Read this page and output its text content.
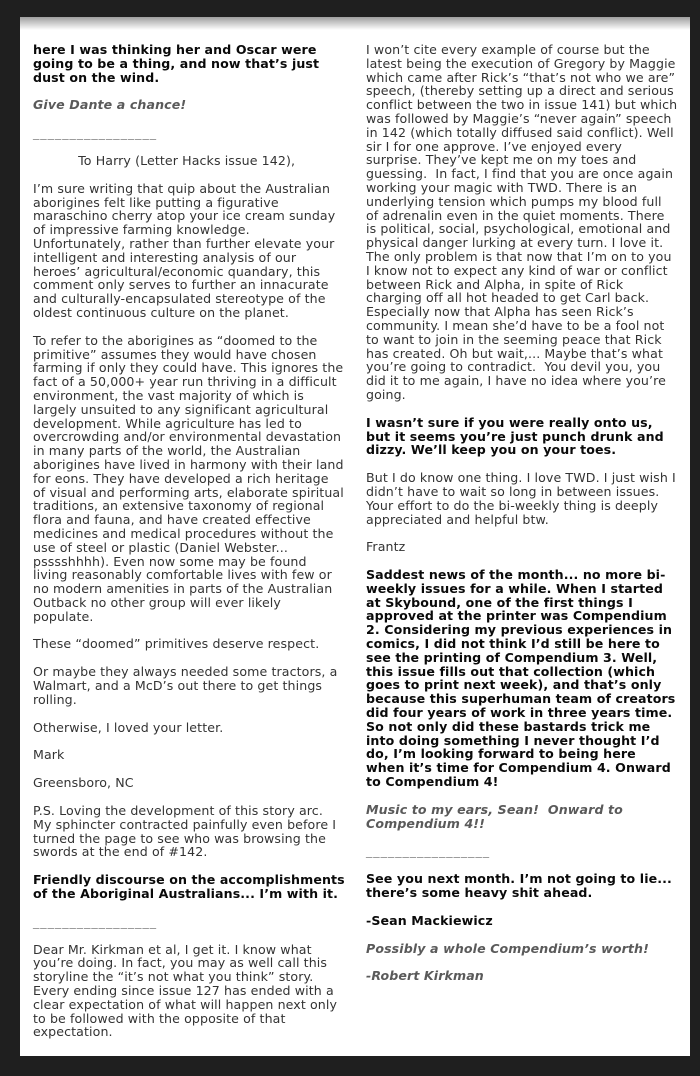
here I was thinking her and Oscar were going to be a thing, and now that’s just dust on the wind.

Give Dante a chance!

_________________

To Harry (Letter Hacks issue 142),

I’m sure writing that quip about the Australian aborigines felt like putting a figurative maraschino cherry atop your ice cream sunday of impressive farming knowledge. Unfortunately, rather than further elevate your intelligent and interesting analysis of our heroes’ agricultural/economic quandary, this comment only serves to further an innacurate and culturally-encapsulated stereotype of the oldest continuous culture on the planet.

To refer to the aborigines as “doomed to the primitive” assumes they would have chosen farming if only they could have. This ignores the fact of a 50,000+ year run thriving in a difficult environment, the vast majority of which is largely unsuited to any significant agricultural development. While agriculture has led to overcrowding and/or environmental devastation in many parts of the world, the Australian aborigines have lived in harmony with their land for eons. They have developed a rich heritage of visual and performing arts, elaborate spiritual traditions, an extensive taxonomy of regional flora and fauna, and have created effective medicines and medical procedures without the use of steel or plastic (Daniel Webster... psssshhhh). Even now some may be found living reasonably comfortable lives with few or no modern amenities in parts of the Australian Outback no other group will ever likely populate.

These “doomed” primitives deserve respect.

Or maybe they always needed some tractors, a Walmart, and a McD’s out there to get things rolling.

Otherwise, I loved your letter.

Mark

Greensboro, NC

P.S. Loving the development of this story arc. My sphincter contracted painfully even before I turned the page to see who was browsing the swords at the end of #142.

Friendly discourse on the accomplishments of the Aboriginal Australians... I’m with it.

_________________

Dear Mr. Kirkman et al, I get it. I know what you’re doing. In fact, you may as well call this storyline the “it’s not what you think” story. Every ending since issue 127 has ended with a clear expectation of what will happen next only to be followed with the opposite of that expectation.

I won’t cite every example of course but the latest being the execution of Gregory by Maggie which came after Rick’s “that’s not who we are” speech, (thereby setting up a direct and serious conflict between the two in issue 141) but which was followed by Maggie’s “never again” speech in 142 (which totally diffused said conflict). Well sir I for one approve. I’ve enjoyed every surprise. They’ve kept me on my toes and guessing.  In fact, I find that you are once again working your magic with TWD. There is an underlying tension which pumps my blood full of adrenalin even in the quiet moments. There is political, social, psychological, emotional and physical danger lurking at every turn. I love it.  The only problem is that now that I’m on to you I know not to expect any kind of war or conflict between Rick and Alpha, in spite of Rick charging off all hot headed to get Carl back.  Especially now that Alpha has seen Rick’s community. I mean she’d have to be a fool not to want to join in the seeming peace that Rick has created. Oh but wait,... Maybe that’s what you’re going to contradict.  You devil you, you did it to me again, I have no idea where you’re going.

I wasn’t sure if you were really onto us, but it seems you’re just punch drunk and dizzy. We’ll keep you on your toes.

But I do know one thing. I love TWD. I just wish I didn’t have to wait so long in between issues. Your effort to do the bi-weekly thing is deeply appreciated and helpful btw.

Frantz

Saddest news of the month... no more bi-weekly issues for a while. When I started at Skybound, one of the first things I approved at the printer was Compendium 2. Considering my previous experiences in comics, I did not think I’d still be here to see the printing of Compendium 3. Well, this issue fills out that collection (which goes to print next week), and that’s only because this superhuman team of creators did four years of work in three years time. So not only did these bastards trick me into doing something I never thought I’d do, I’m looking forward to being here when it’s time for Compendium 4. Onward to Compendium 4!

Music to my ears, Sean!  Onward to Compendium 4!!

_________________

See you next month. I’m not going to lie... there’s some heavy shit ahead.

-Sean Mackiewicz

Possibly a whole Compendium’s worth!

-Robert Kirkman
